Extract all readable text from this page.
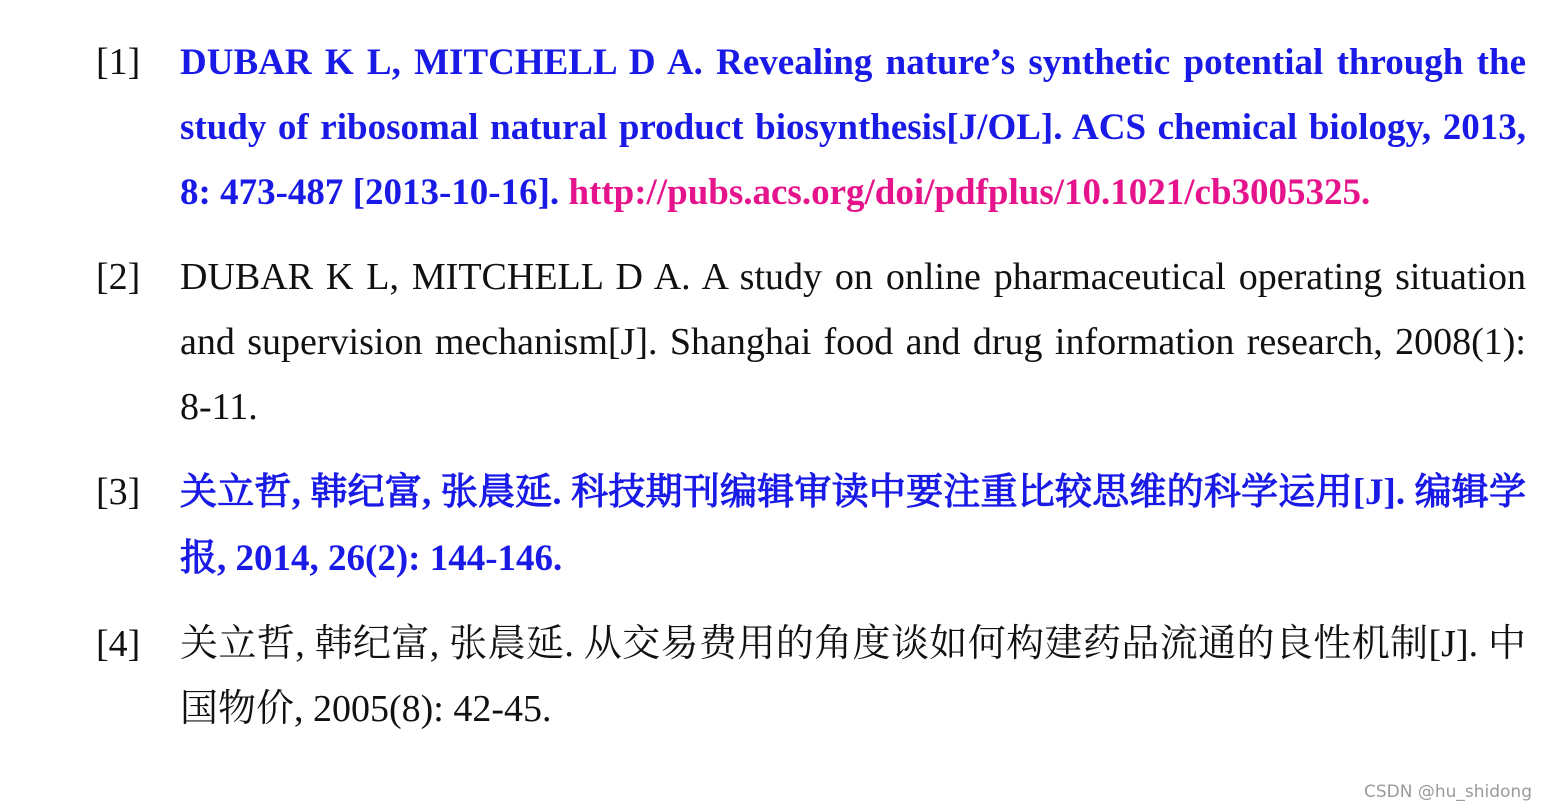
[1]	DUBAR K L, MITCHELL D A. Revealing nature’s synthetic potential through the study of ribosomal natural product biosynthesis[J/OL]. ACS chemical biology, 2013, 8: 473-487 [2013-10-16]. http://pubs.acs.org/doi/pdfplus/10.1021/cb3005325.
[2]	DUBAR K L, MITCHELL D A. A study on online pharmaceutical operating situation and supervision mechanism[J]. Shanghai food and drug information research, 2008(1): 8-11.
[3]	关立哲, 韩纪富, 张晨延. 科技期刊编辑审读中要注重比较思维的科学运用[J]. 编辑学报, 2014, 26(2): 144-146.
[4]	关立哲, 韩纪富, 张晨延. 从交易费用的角度谈如何构建药品流通的良性机制[J]. 中国物价, 2005(8): 42-45.
CSDN @hu_shidong
